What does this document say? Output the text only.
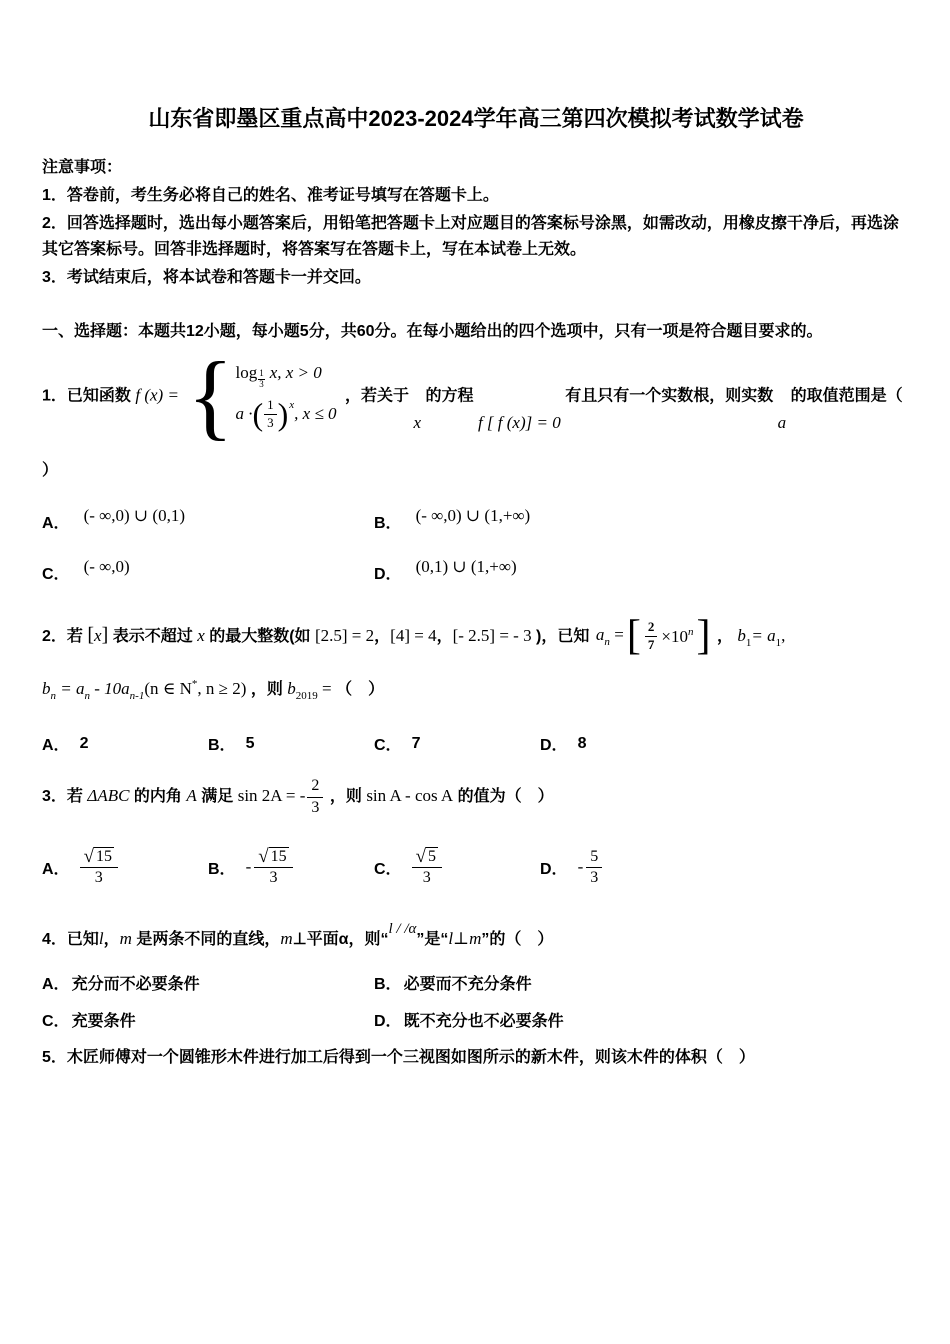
山东省即墨区重点高中2023-2024学年高三第四次模拟考试数学试卷

注意事项：

1．答卷前，考生务必将自己的姓名、准考证号填写在答题卡上。

2．回答选择题时，选出每小题答案后，用铅笔把答题卡上对应题目的答案标号涂黑，如需改动，用橡皮擦干净后，再选涂其它答案标号。回答非选择题时，将答案写在答题卡上，写在本试卷上无效。

3．考试结束后，将本试卷和答题卡一并交回。

一、选择题：本题共12小题，每小题5分，共60分。在每小题给出的四个选项中，只有一项是符合题目要求的。

1．已知函数 f (x) = { $\log \frac{1}{3} x$, x > 0
a · ( $\frac{1}{3}$ ) x , x ≤ 0
，若关于 x 的方程 f [ f (x)] = 0 有且只有一个实数根，则实数 a 的取值范围是（

）

A． (- ∞,0) ∪ (0,1)	B． (- ∞,0) ∪ (1,+∞)
C． (- ∞,0)	D． (0,1) ∪ (1,+∞)
2．若 [x] 表示不超过 x 的最大整数(如 [2.5] = 2，[4] = 4，[- 2.5] = - 3 )，已知 $a_n$ = [ $\frac{2}{7} \times 10^n$ ] ， $b_1= a_1$,
$b_n = a_n - 10a_{n-1}(n$ ∈ N*, n ≥ 2) ，则 $b_{2019}$ = （　）
A． 2	B． 5	C． 7	D． 8
3．若 ΔABC 的内角 A 满足 sin 2A = - $\frac{2}{3}$ ，则 sin A - cos A 的值为（　）
A． $\frac{√ 15}{3}$	B． - $\frac{√ 15}{3}$	C． $\frac{√ 5}{3}$	D． - $\frac{5}{3}$
4．已知l，m 是两条不同的直线，m⊥平面α，则“l / /α”是“l⊥m”的（　）
A． 充分而不必要条件	B． 必要而不充分条件
C． 充要条件	D． 既不充分也不必要条件
5．木匠师傅对一个圆锥形木件进行加工后得到一个三视图如图所示的新木件，则该木件的体积（　）
